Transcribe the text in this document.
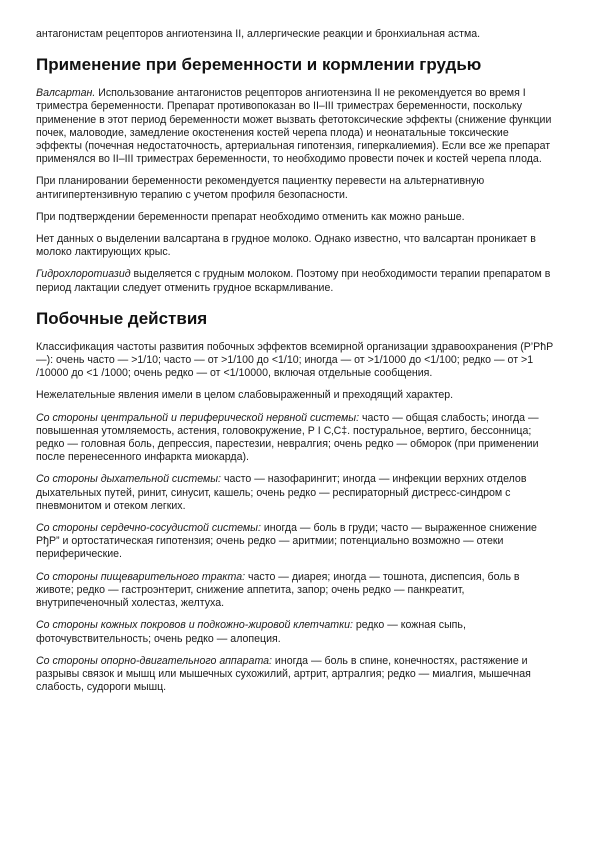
антагонистам рецепторов ангиотензина II, аллергические реакции и бронхиальная астма.

Применение при беременности и кормлении грудью

Валсартан. Использование антагонистов рецепторов ангиотензина II не рекомендуется во время I триместра беременности. Препарат противопоказан во II–III триместрах беременности, поскольку применение в этот период беременности может вызвать фетотоксические эффекты (снижение функции почек, маловодие, замедление окостенения костей черепа плода) и неонатальные токсические эффекты (почечная недостаточность, артериальная гипотензия, гиперкалиемия). Если все же препарат применялся во II–III триместрах беременности, то необходимо провести почек и костей черепа плода.

При планировании беременности рекомендуется пациентку перевести на альтернативную антигипертензивную терапию с учетом профиля безопасности.

При подтверждении беременности препарат необходимо отменить как можно раньше.

Нет данных о выделении валсартана в грудное молоко. Однако известно, что валсартан проникает в молоко лактирующих крыс.

Гидрохлоротиазид выделяется с грудным молоком. Поэтому при необходимости терапии препаратом в период лактации следует отменить грудное вскармливание.

Побочные действия

Классификация частоты развития побочных эффектов всемирной организации здравоохранения (Р’РћР—): очень часто — >1/10; часто — от >1/100 до <1/10; иногда — от >1/1000 до <1/100; редко — от >1 /10000 до <1 /1000; очень редко — от <1/10000, включая отдельные сообщения.

Нежелательные явления имели в целом слабовыраженный и преходящий характер.

Со стороны центральной и периферической нервной системы: часто — общая слабость; иногда — повышенная утомляемость, астения, головокружение, Р I С‚С‡. постуральное, вертиго, бессонница; редко — головная боль, депрессия, парестезии, невралгия; очень редко — обморок (при применении после перенесенного инфаркта миокарда).

Со стороны дыхательной системы: часто — назофарингит; иногда — инфекции верхних отделов дыхательных путей, ринит, синусит, кашель; очень редко — респираторный дистресс-синдром с пневмонитом и отеком легких.

Со стороны сердечно-сосудистой системы: иногда — боль в груди; часто — выраженное снижение РђР” и ортостатическая гипотензия; очень редко — аритмии; потенциально возможно — отеки периферические.

Со стороны пищеварительного тракта: часто — диарея; иногда — тошнота, диспепсия, боль в животе; редко — гастроэнтерит, снижение аппетита, запор; очень редко — панкреатит, внутрипеченочный холестаз, желтуха.

Со стороны кожных покровов и подкожно-жировой клетчатки: редко — кожная сыпь, фоточувствительность; очень редко — алопеция.

Со стороны опорно-двигательного аппарата: иногда — боль в спине, конечностях, растяжение и разрывы связок и мышц или мышечных сухожилий, артрит, артралгия; редко — миалгия, мышечная слабость, судороги мышц.
